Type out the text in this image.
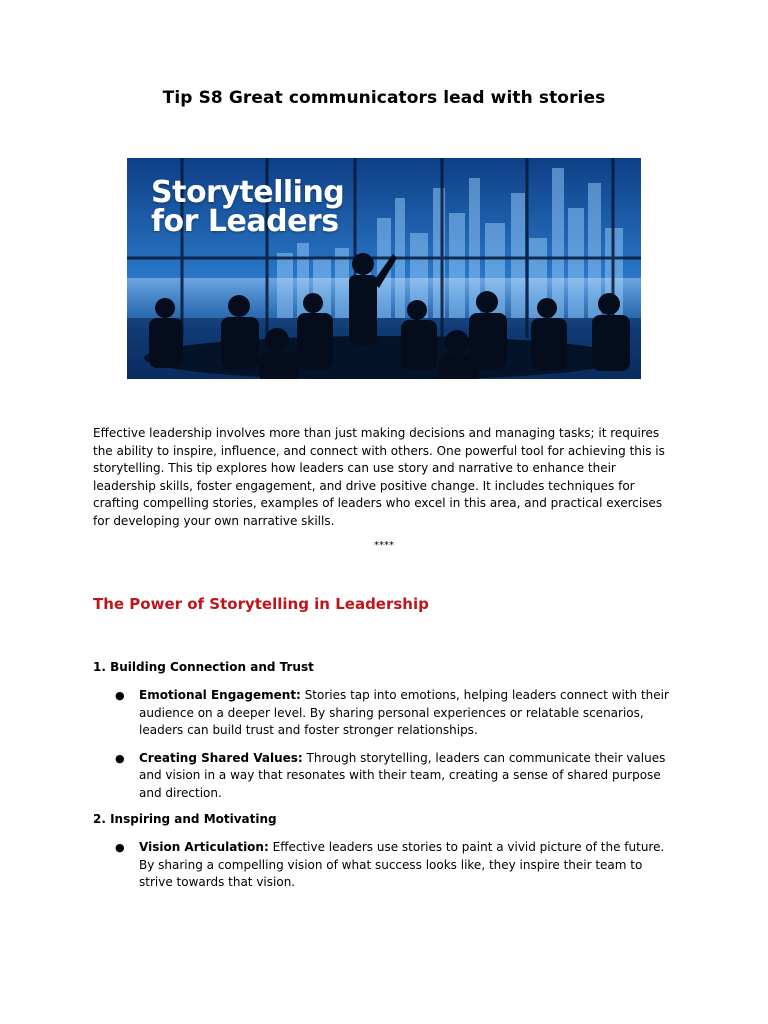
Tip S8 Great communicators lead with stories
Storytelling
for Leaders

Effective leadership involves more than just making decisions and managing tasks; it requires the ability to inspire, influence, and connect with others. One powerful tool for achieving this is storytelling. This tip explores how leaders can use story and narrative to enhance their leadership skills, foster engagement, and drive positive change. It includes techniques for crafting compelling stories, examples of leaders who excel in this area, and practical exercises for developing your own narrative skills.

****

The Power of Storytelling in Leadership
1. Building Connection and Trust
● Emotional Engagement: Stories tap into emotions, helping leaders connect with their audience on a deeper level. By sharing personal experiences or relatable scenarios, leaders can build trust and foster stronger relationships.
● Creating Shared Values: Through storytelling, leaders can communicate their values and vision in a way that resonates with their team, creating a sense of shared purpose and direction.
2. Inspiring and Motivating
● Vision Articulation: Effective leaders use stories to paint a vivid picture of the future. By sharing a compelling vision of what success looks like, they inspire their team to strive towards that vision.
